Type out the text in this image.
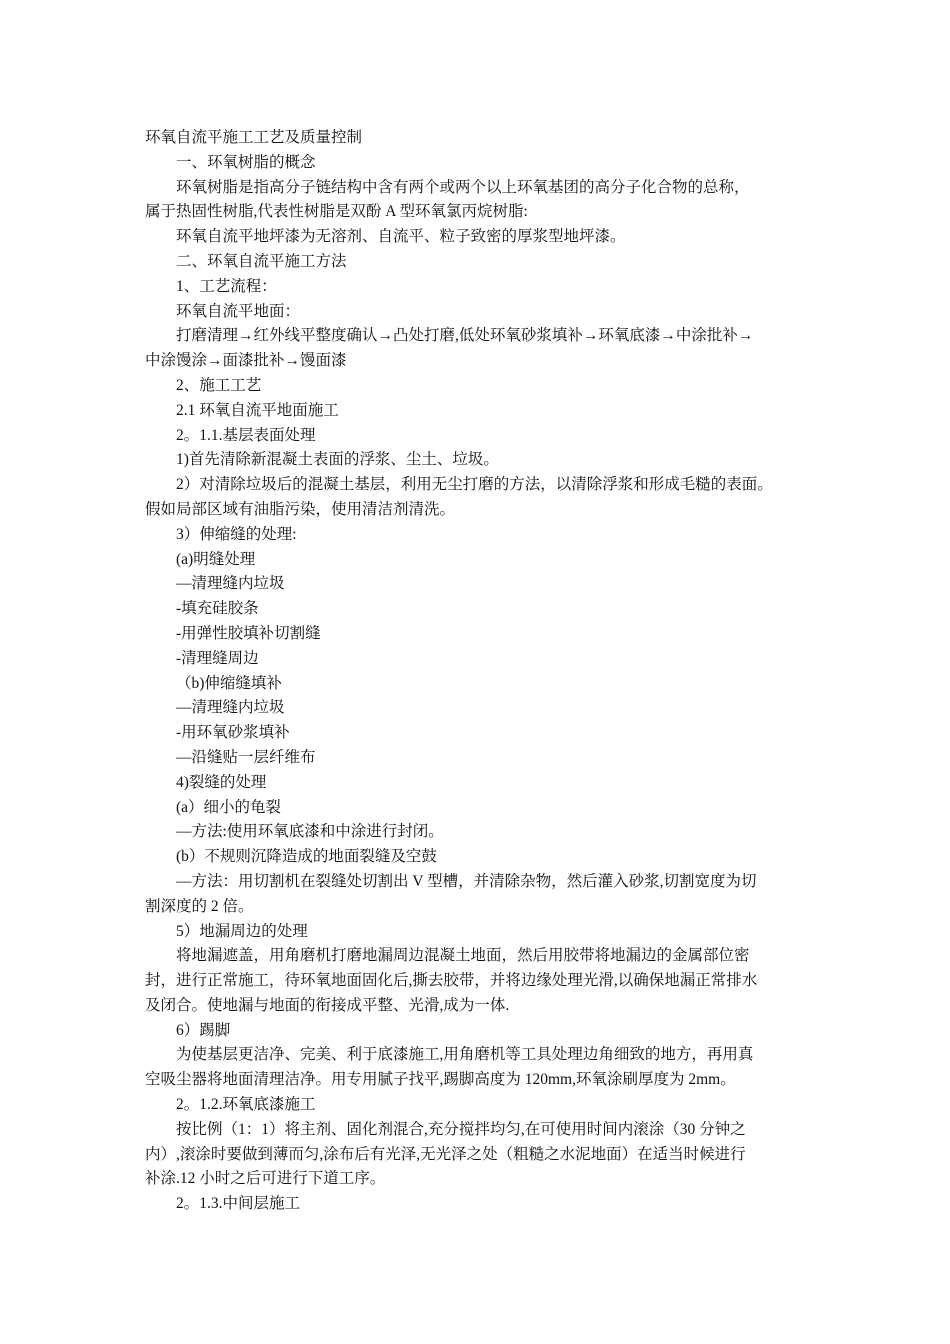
环氧自流平施工工艺及质量控制

一、环氧树脂的概念

环氧树脂是指高分子链结构中含有两个或两个以上环氧基团的高分子化合物的总称，

属于热固性树脂,代表性树脂是双酚 A 型环氧氯丙烷树脂:

环氧自流平地坪漆为无溶剂、自流平、粒子致密的厚浆型地坪漆。

二、环氧自流平施工方法

1、工艺流程：

环氧自流平地面：

打磨清理→红外线平整度确认→凸处打磨,低处环氧砂浆填补→环氧底漆→中涂批补→

中涂馒涂→面漆批补→馒面漆

2、施工工艺

2.1 环氧自流平地面施工

2。1.1.基层表面处理

1)首先清除新混凝土表面的浮浆、尘土、垃圾。

2）对清除垃圾后的混凝土基层，利用无尘打磨的方法，以清除浮浆和形成毛糙的表面。

假如局部区域有油脂污染，使用清洁剂清洗。

3）伸缩缝的处理:

(a)明缝处理

—清理缝内垃圾

-填充硅胶条

-用弹性胶填补切割缝

-清理缝周边

（b)伸缩缝填补

—清理缝内垃圾

-用环氧砂浆填补

—沿缝贴一层纤维布

4)裂缝的处理

(a）细小的龟裂

—方法:使用环氧底漆和中涂进行封闭。

(b）不规则沉降造成的地面裂缝及空鼓

—方法：用切割机在裂缝处切割出 V 型槽，并清除杂物，然后灌入砂浆,切割宽度为切

割深度的 2 倍。

5）地漏周边的处理

将地漏遮盖，用角磨机打磨地漏周边混凝土地面，然后用胶带将地漏边的金属部位密

封，进行正常施工，待环氧地面固化后,撕去胶带，并将边缘处理光滑,以确保地漏正常排水

及闭合。使地漏与地面的衔接成平整、光滑,成为一体.

6）踢脚

为使基层更洁净、完美、利于底漆施工,用角磨机等工具处理边角细致的地方，再用真

空吸尘器将地面清理洁净。用专用腻子找平,踢脚高度为 120mm,环氧涂刷厚度为 2mm。

2。1.2.环氧底漆施工

按比例（1：1）将主剂、固化剂混合,充分搅拌均匀,在可使用时间内滚涂（30 分钟之

内）,滚涂时要做到薄而匀,涂布后有光泽,无光泽之处（粗糙之水泥地面）在适当时候进行

补涂.12 小时之后可进行下道工序。

2。1.3.中间层施工
